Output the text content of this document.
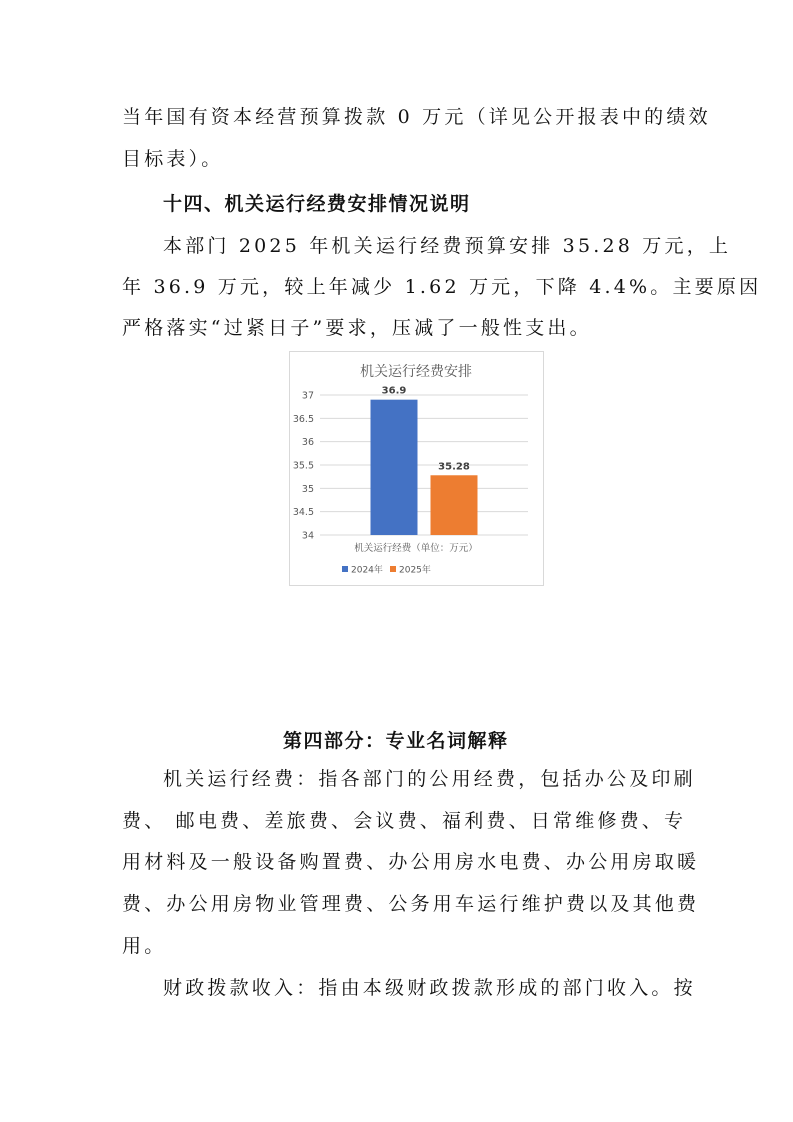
当年国有资本经营预算拨款 0 万元（详见公开报表中的绩效
目标表）。
十四、机关运行经费安排情况说明
本部门 2025 年机关运行经费预算安排 35.28 万元，上
年 36.9 万元，较上年减少 1.62 万元，下降 4.4%。主要原因
严格落实“过紧日子”要求，压减了一般性支出。
机关运行经费安排
34
34.5
35
35.5
36
36.5
37	36.9
35.28
机关运行经费（单位：万元）
2024年 2025年
第四部分：专业名词解释
机关运行经费：指各部门的公用经费，包括办公及印刷
费、 邮电费、差旅费、会议费、福利费、日常维修费、专
用材料及一般设备购置费、办公用房水电费、办公用房取暖
费、办公用房物业管理费、公务用车运行维护费以及其他费
用。
财政拨款收入：指由本级财政拨款形成的部门收入。按
